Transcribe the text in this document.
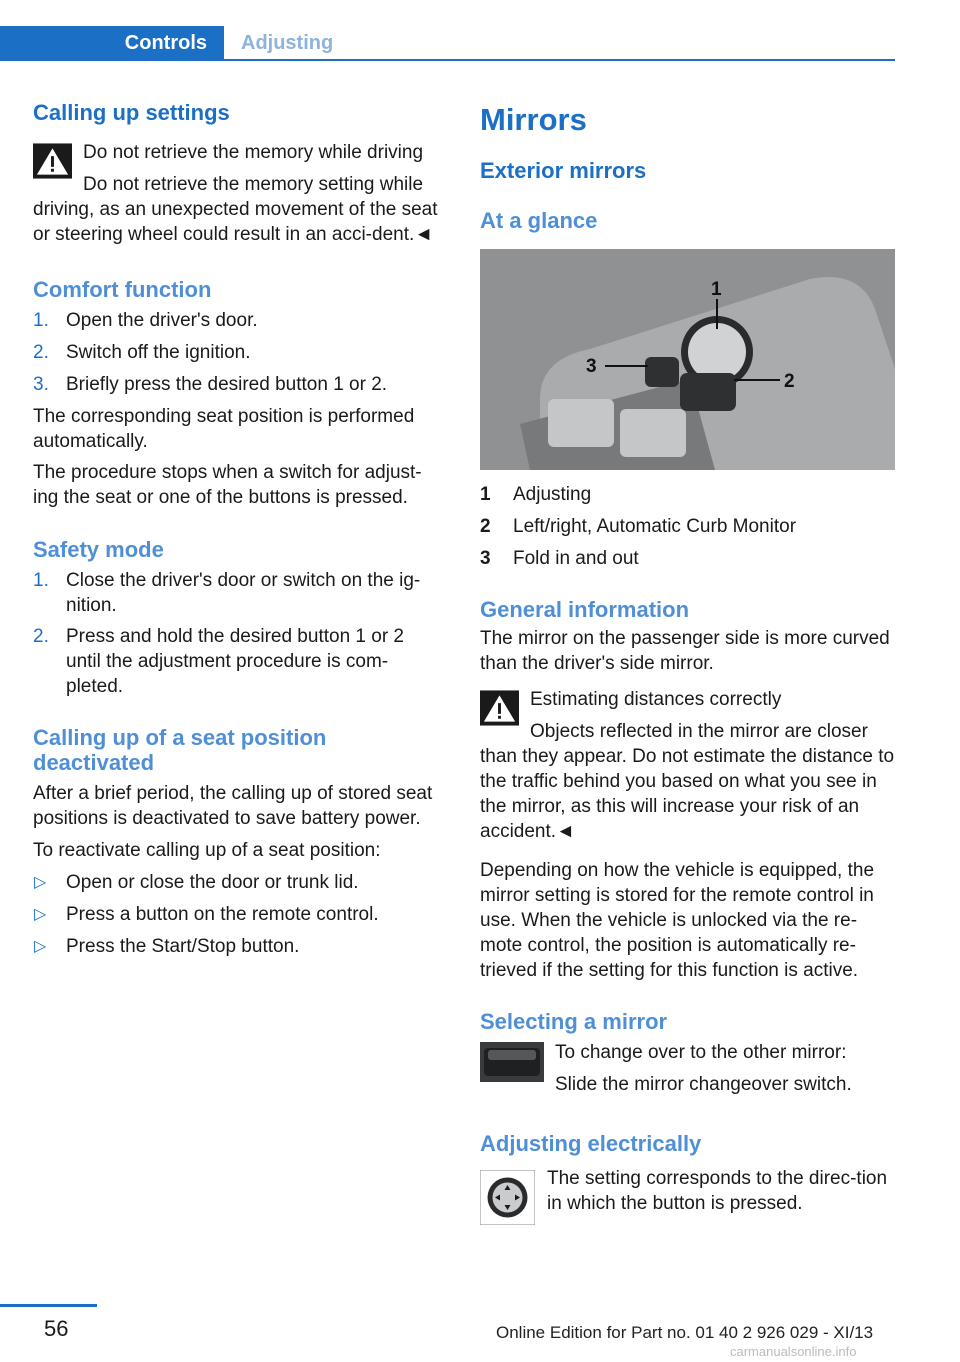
Controls	Adjusting
Calling up settings

Do not retrieve the memory while driving

Do not retrieve the memory setting while driving, as an unexpected movement of the seat or steering wheel could result in an acci-dent.◄

Comfort function
1. Open the driver's door.
2. Switch off the ignition.
3. Briefly press the desired button 1 or 2.

The corresponding seat position is performed automatically.

The procedure stops when a switch for adjust-ing the seat or one of the buttons is pressed.

Safety mode
1. Close the driver's door or switch on the ig-nition.
2. Press and hold the desired button 1 or 2 until the adjustment procedure is com-pleted.
Calling up of a seat position deactivated

After a brief period, the calling up of stored seat positions is deactivated to save battery power.

To reactivate calling up of a seat position:

▷ Open or close the door or trunk lid.
▷ Press a button on the remote control.
▷ Press the Start/Stop button.
Mirrors
Exterior mirrors
At a glance
1
2
3
1 Adjusting
2 Left/right, Automatic Curb Monitor
3 Fold in and out
General information

The mirror on the passenger side is more curved than the driver's side mirror.

Estimating distances correctly

Objects reflected in the mirror are closer than they appear. Do not estimate the distance to the traffic behind you based on what you see in the mirror, as this will increase your risk of an accident.◄

Depending on how the vehicle is equipped, the mirror setting is stored for the remote control in use. When the vehicle is unlocked via the re-mote control, the position is automatically re-trieved if the setting for this function is active.

Selecting a mirror

To change over to the other mirror:

Slide the mirror changeover switch.

Adjusting electrically

The setting corresponds to the direc-tion in which the button is pressed.

56	Online Edition for Part no. 01 40 2 926 029 - XI/13
carmanualsonline.info
